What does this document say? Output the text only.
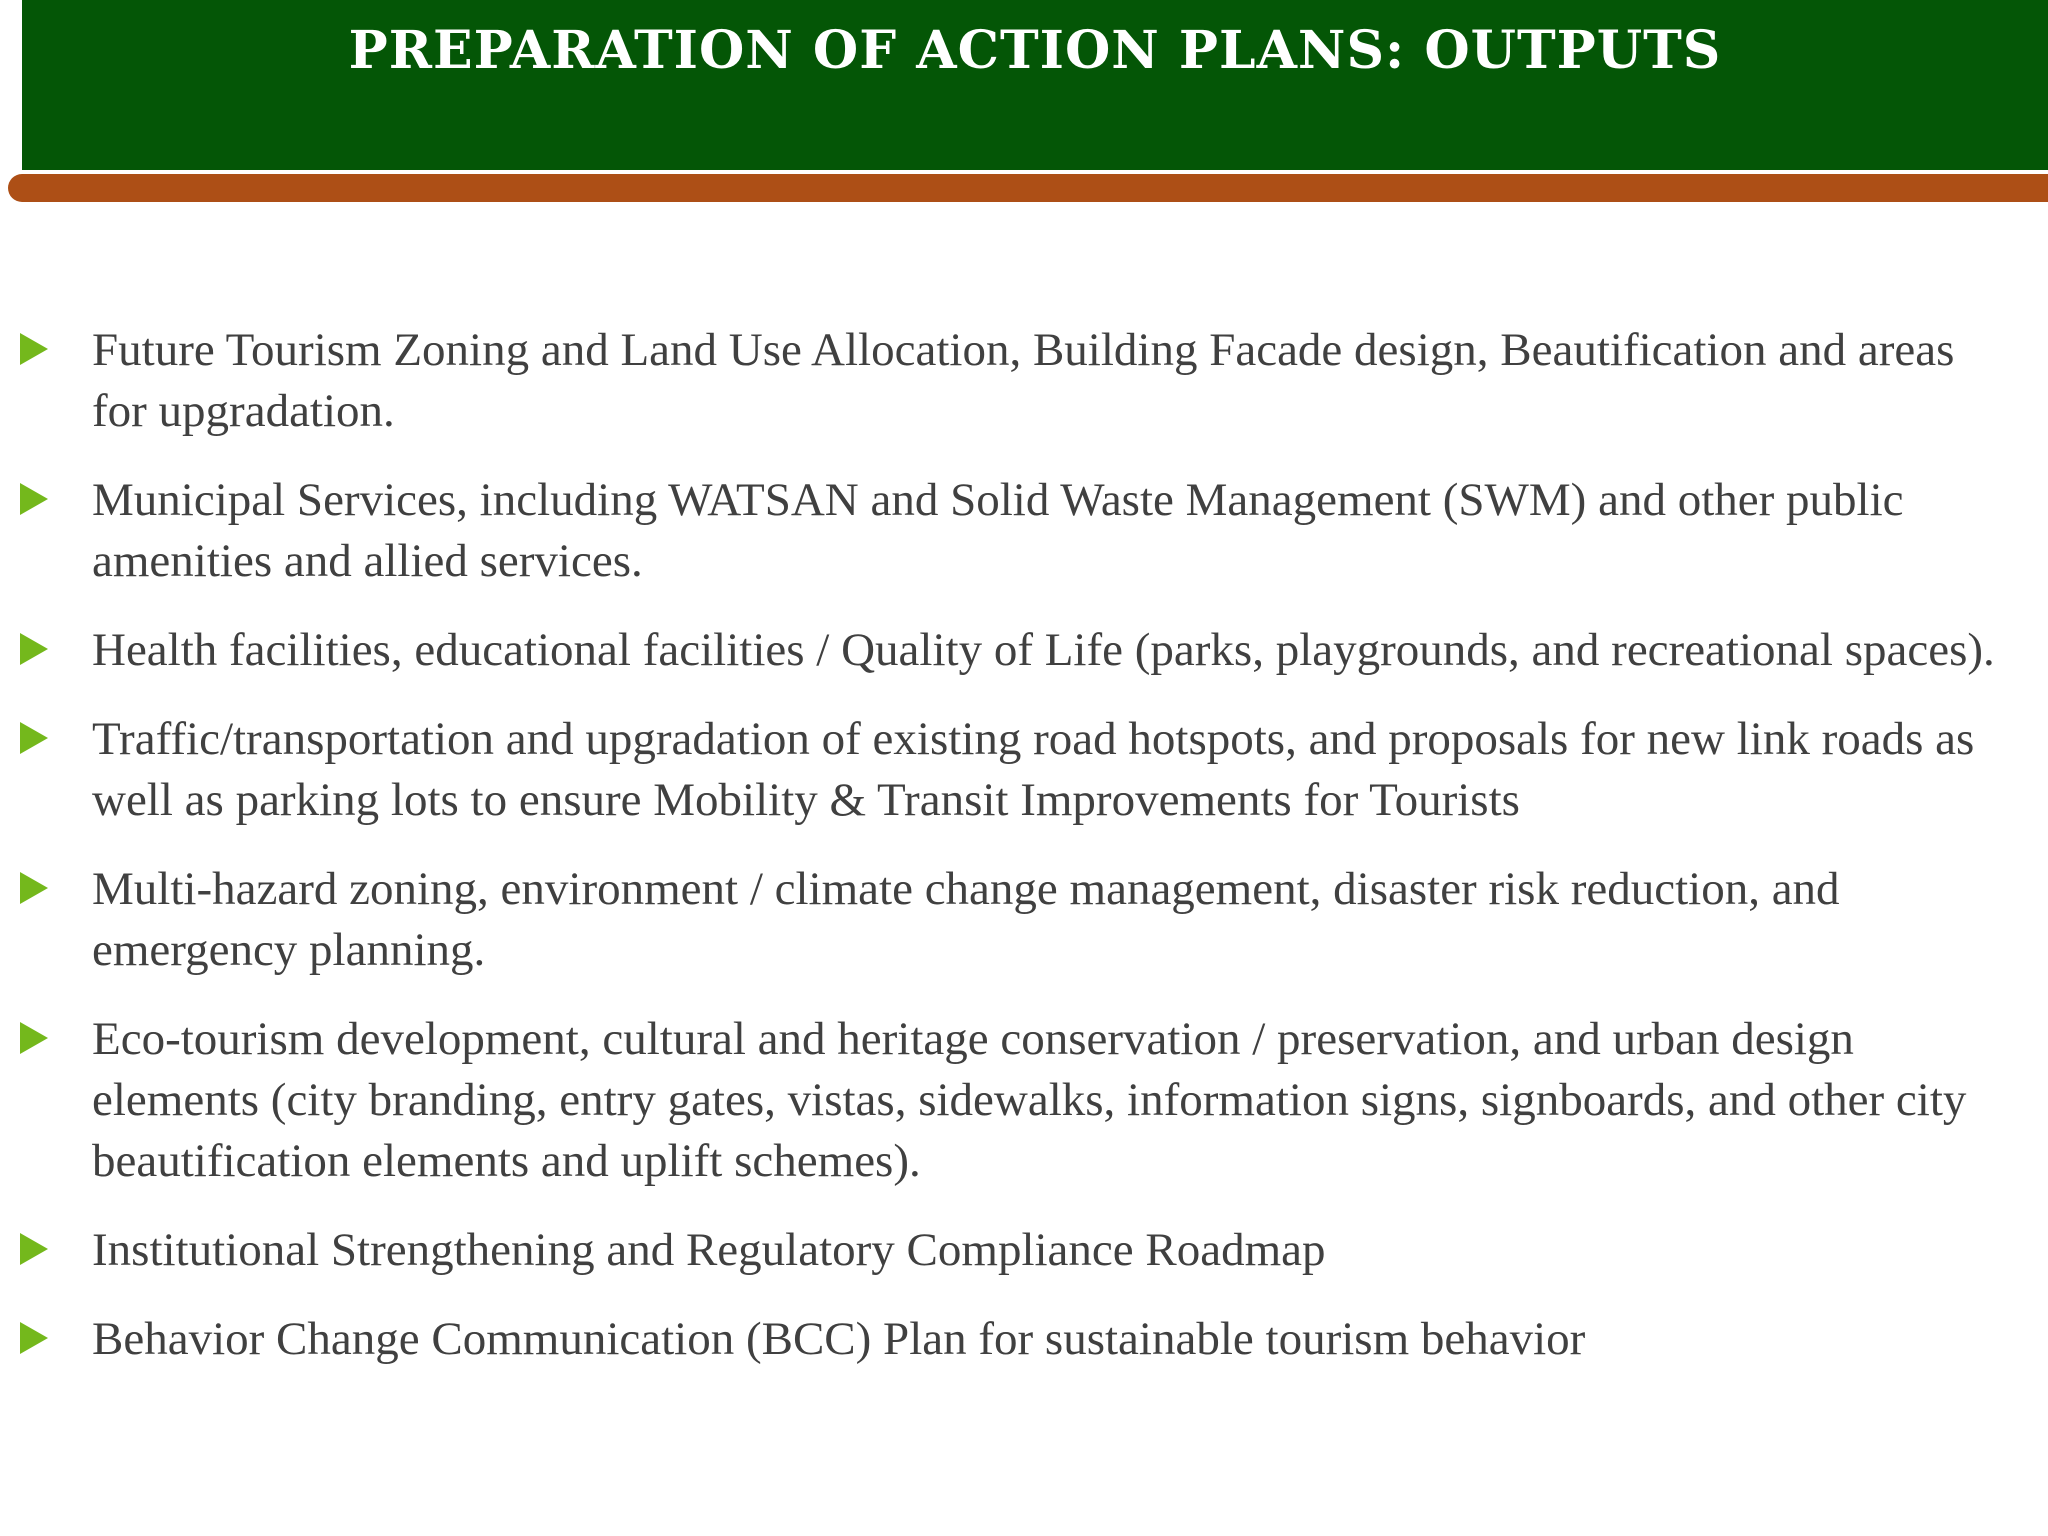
PREPARATION OF ACTION PLANS: OUTPUTS
Future Tourism Zoning and Land Use Allocation, Building Facade design, Beautification and areas for upgradation.
Municipal Services, including WATSAN and Solid Waste Management (SWM) and other public amenities and allied services.
Health facilities, educational facilities / Quality of Life (parks, playgrounds, and recreational spaces).
Traffic/transportation and upgradation of existing road hotspots, and proposals for new link roads as well as parking lots to ensure Mobility & Transit Improvements for Tourists
Multi-hazard zoning, environment / climate change management, disaster risk reduction, and emergency planning.
Eco-tourism development, cultural and heritage conservation / preservation, and urban design elements (city branding, entry gates, vistas, sidewalks, information signs, signboards, and other city beautification elements and uplift schemes).
Institutional Strengthening and Regulatory Compliance Roadmap
Behavior Change Communication (BCC) Plan for sustainable tourism behavior
